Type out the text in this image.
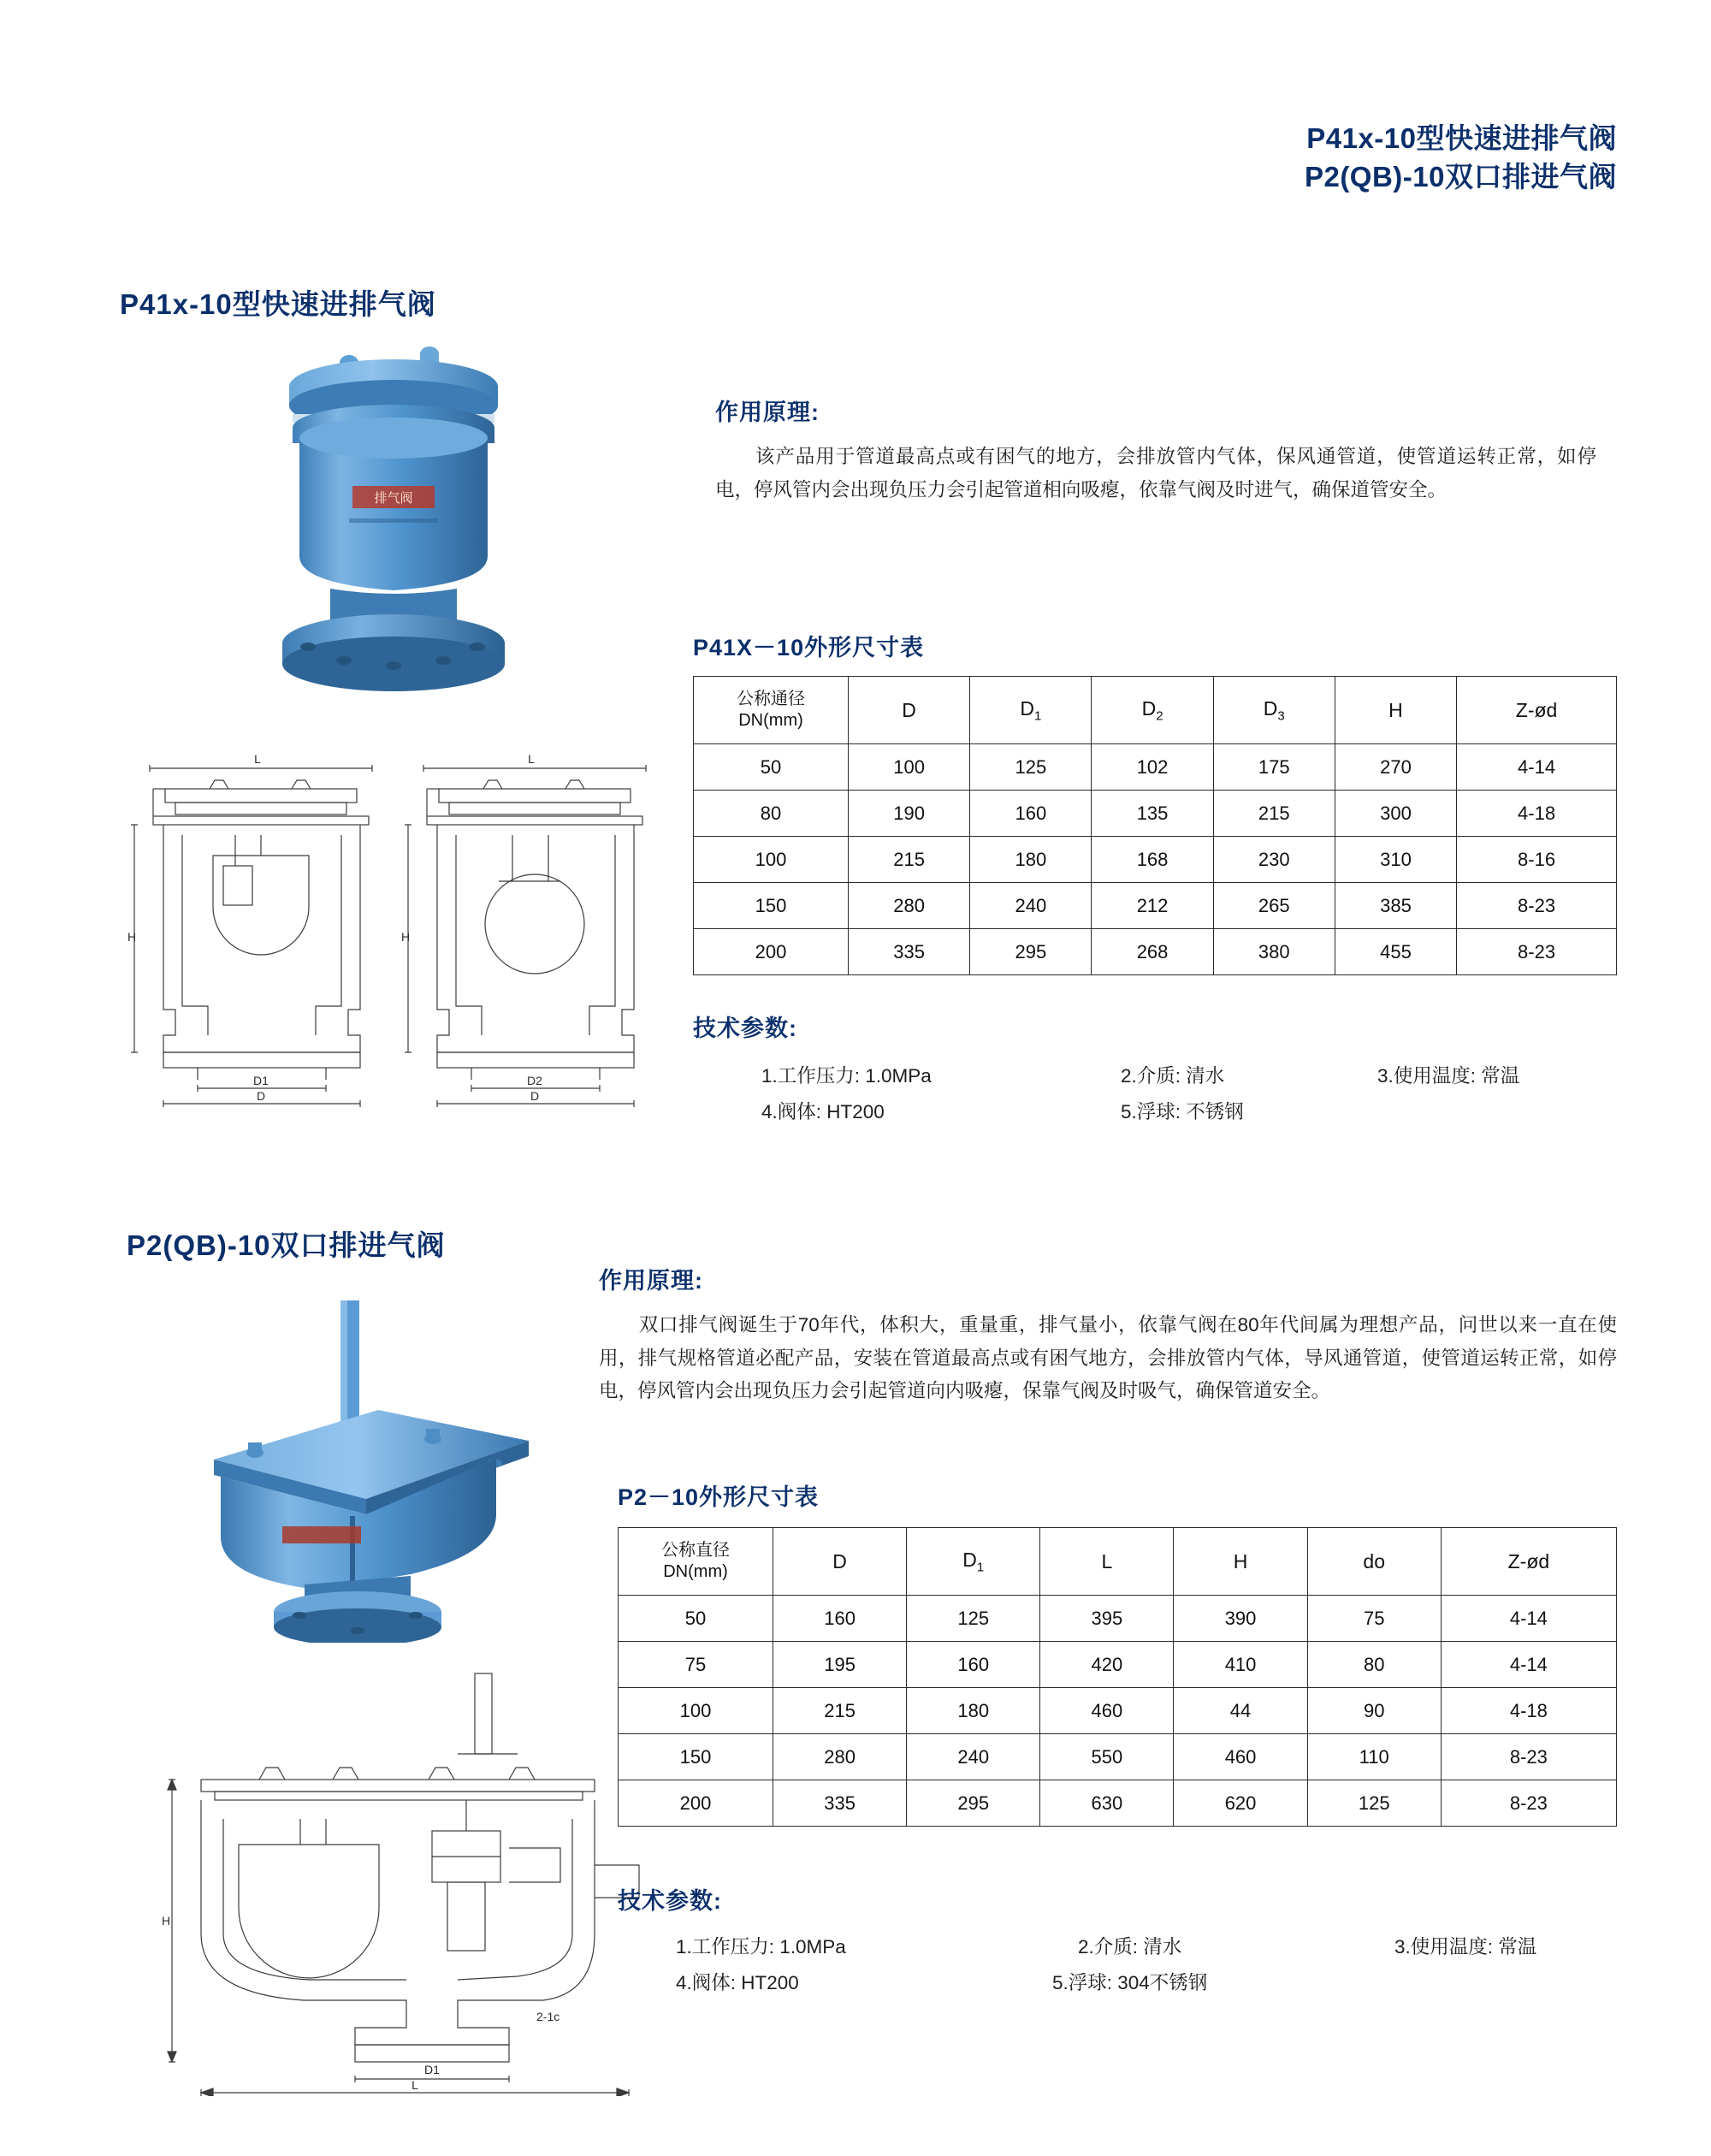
P41x-10型快速进排气阀
P2(QB)-10双口排进气阀
P41x-10型快速进排气阀
排气阀
L
H
D1
D
L
H
D2
D
作用原理:
该产品用于管道最高点或有困气的地方，会排放管内气体，保风通管道，使管道运转正常，如停电，停风管内会出现负压力会引起管道相向吸瘪，依靠气阀及时进气，确保道管安全。
P41X－10外形尺寸表
公称通径
DN(mm)	D	$D_1$	$D_2$	$D_3$	H	Z-ød
50	100	125	102	175	270	4-14
80	190	160	135	215	300	4-18
100	215	180	168	230	310	8-16
150	280	240	212	265	385	8-23
200	335	295	268	380	455	8-23
技术参数:
1.工作压力: 1.0MPa	2.介质: 清水	3.使用温度: 常温
4.阀体: HT200	5.浮球: 不锈钢
P2(QB)-10双口排进气阀
H
D1
L
2-1c
作用原理:
双口排气阀诞生于70年代，体积大，重量重，排气量小，依靠气阀在80年代间属为理想产品，问世以来一直在使用，排气规格管道必配产品，安装在管道最高点或有困气地方，会排放管内气体，导风通管道，使管道运转正常，如停电，停风管内会出现负压力会引起管道向内吸瘪，保靠气阀及时吸气，确保管道安全。
P2－10外形尺寸表
公称直径
DN(mm)	D	$D_1$	L	H	do	Z-ød
50	160	125	395	390	75	4-14
75	195	160	420	410	80	4-14
100	215	180	460	44	90	4-18
150	280	240	550	460	110	8-23
200	335	295	630	620	125	8-23
技术参数:
1.工作压力: 1.0MPa	2.介质: 清水	3.使用温度: 常温
4.阀体: HT200	5.浮球: 304不锈钢
